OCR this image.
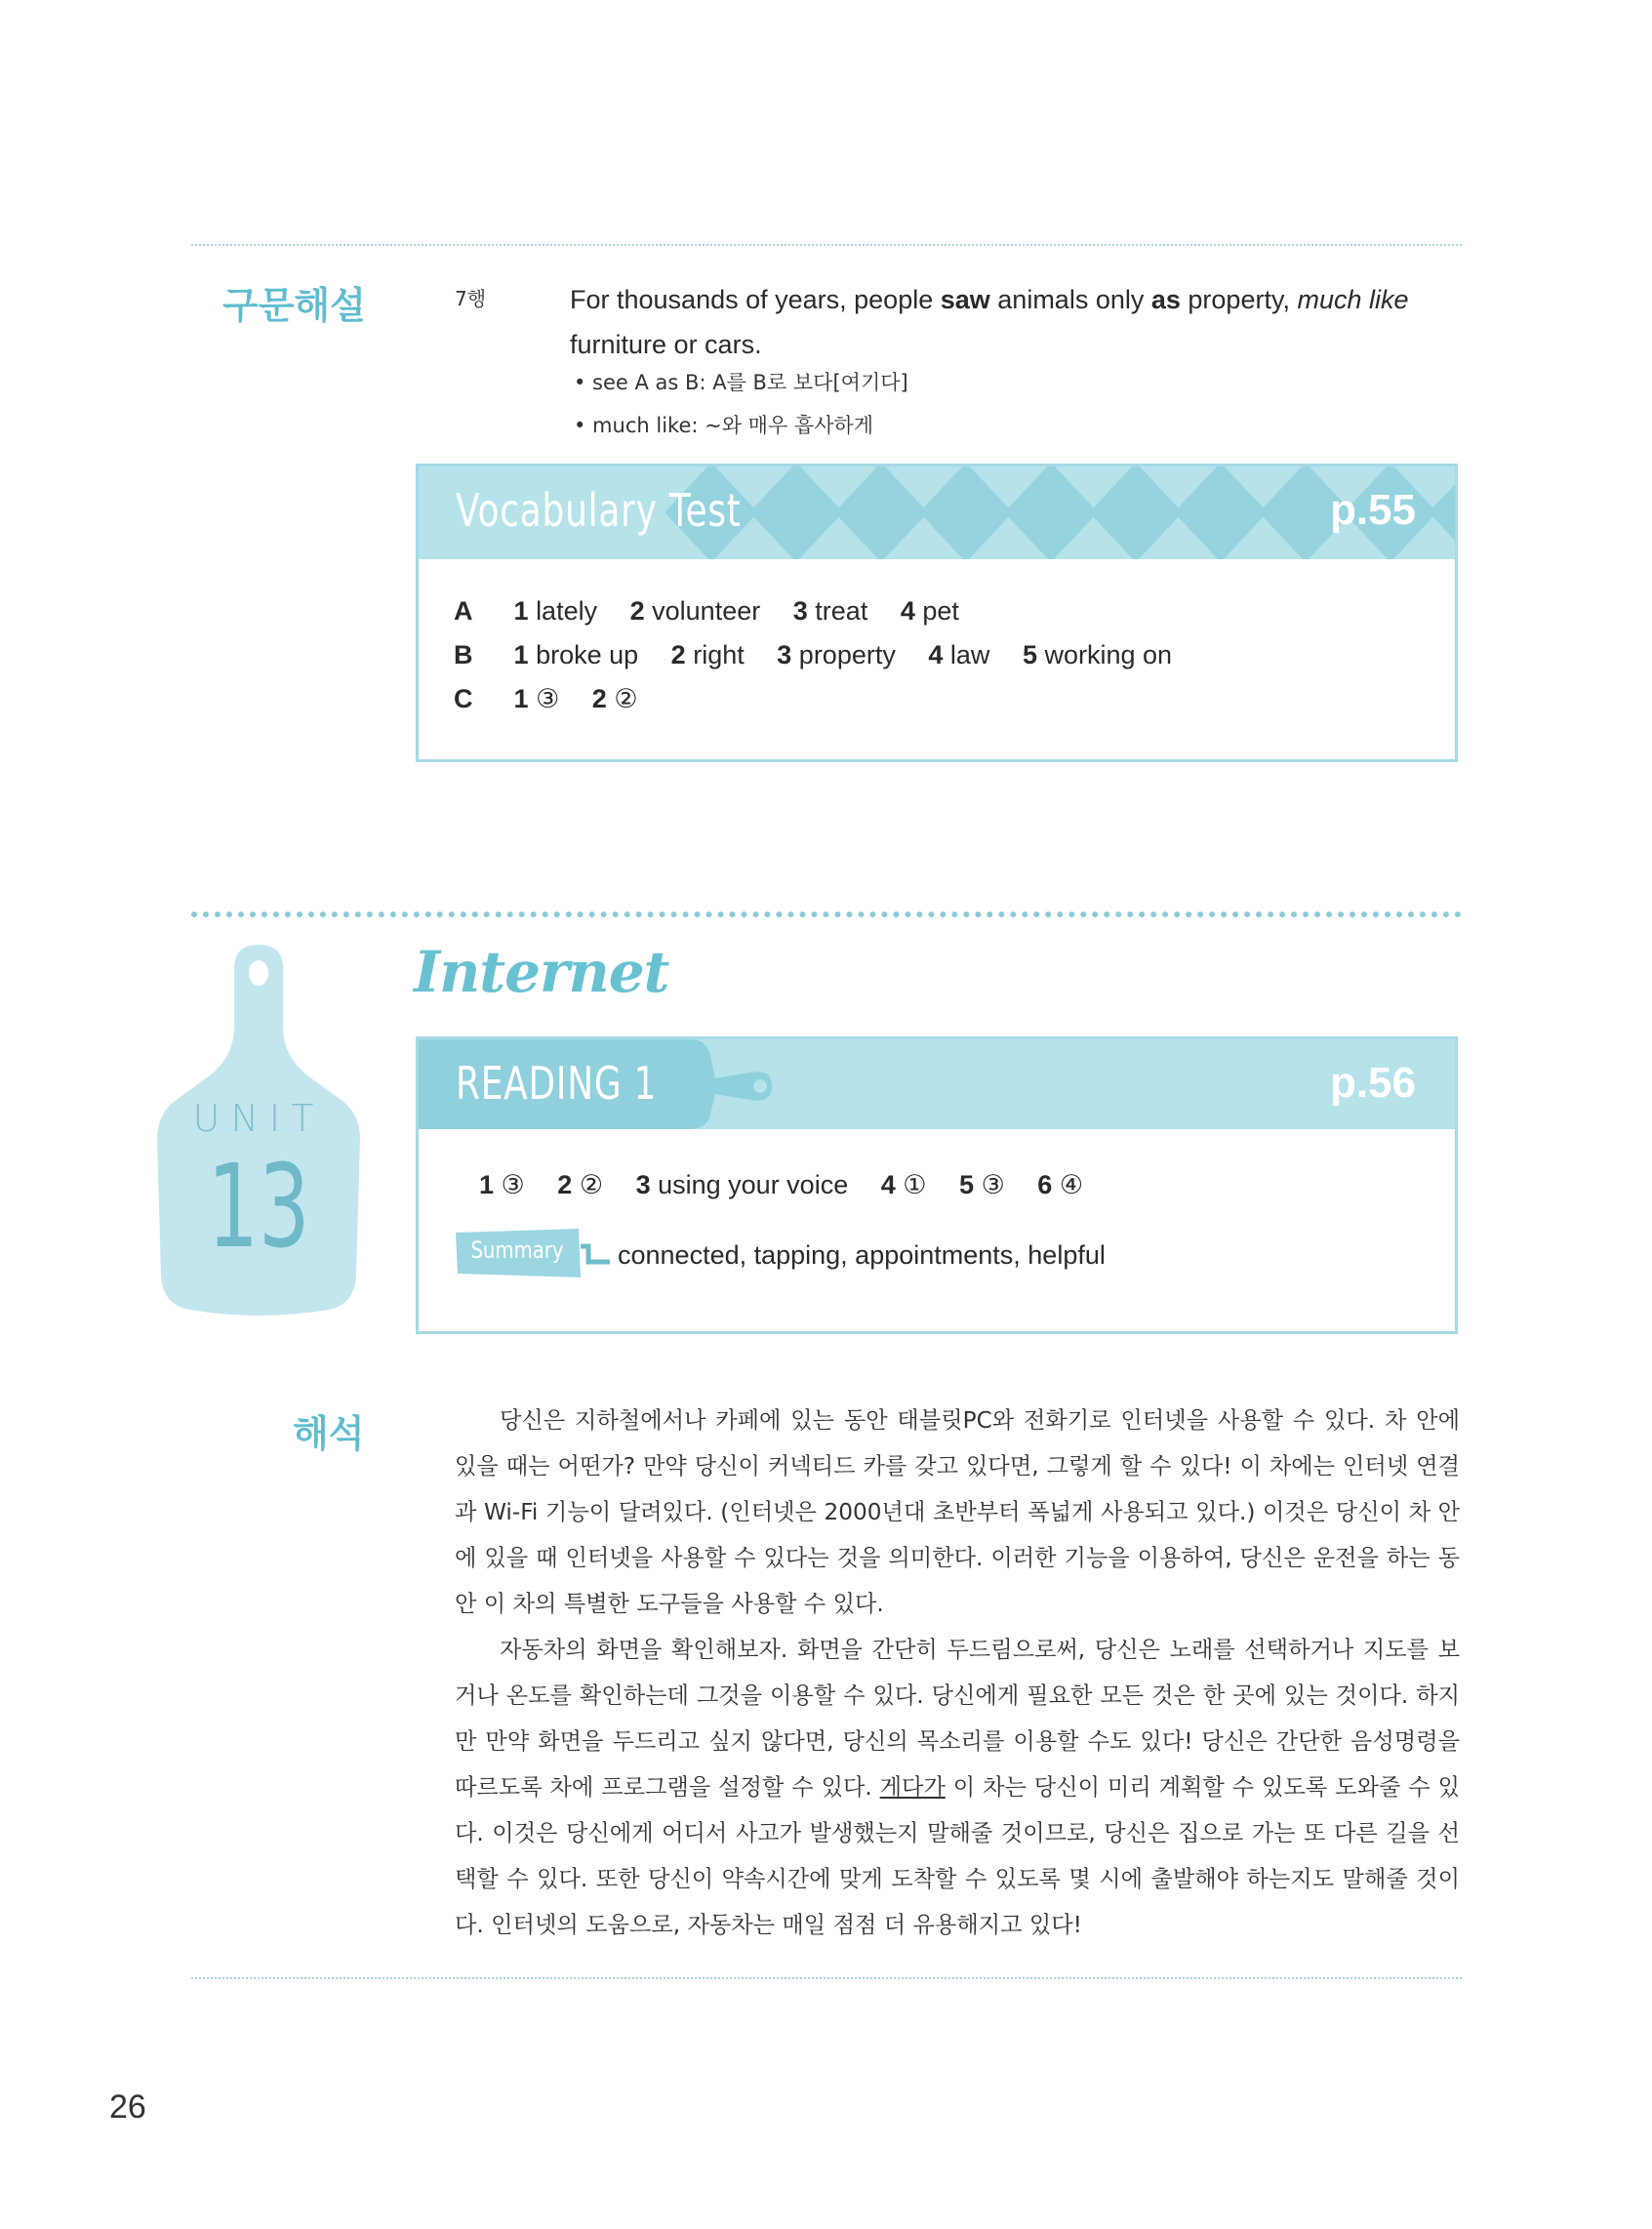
구문해설	7행	For thousands of years, people saw animals only as property, much like furniture or cars.
• see A as B: A를 B로 보다[여기다]
• much like: ~와 매우 흡사하게
Vocabulary Test	p.55
A 1 lately 2 volunteer 3 treat 4 pet
B 1 broke up 2 right 3 property 4 law 5 working on
C 1 ③ 2 ②
UNIT
13
Internet
READING 1	p.56
1 ③ 2 ② 3 using your voice 4 ① 5 ③ 6 ④
Summary connected, tapping, appointments, helpful
해석	당신은 지하철에서나 카페에 있는 동안 태블릿PC와 전화기로 인터넷을 사용할 수 있다. 차 안에 있을 때는 어떤가? 만약 당신이 커넥티드 카를 갖고 있다면, 그렇게 할 수 있다! 이 차에는 인터넷 연결과 Wi-Fi 기능이 달려있다. (인터넷은 2000년대 초반부터 폭넓게 사용되고 있다.) 이것은 당신이 차 안에 있을 때 인터넷을 사용할 수 있다는 것을 의미한다. 이러한 기능을 이용하여, 당신은 운전을 하는 동안 이 차의 특별한 도구들을 사용할 수 있다.
자동차의 화면을 확인해보자. 화면을 간단히 두드림으로써, 당신은 노래를 선택하거나 지도를 보거나 온도를 확인하는데 그것을 이용할 수 있다. 당신에게 필요한 모든 것은 한 곳에 있는 것이다. 하지만 만약 화면을 두드리고 싶지 않다면, 당신의 목소리를 이용할 수도 있다! 당신은 간단한 음성명령을 따르도록 차에 프로그램을 설정할 수 있다. 게다가 이 차는 당신이 미리 계획할 수 있도록 도와줄 수 있다. 이것은 당신에게 어디서 사고가 발생했는지 말해줄 것이므로, 당신은 집으로 가는 또 다른 길을 선택할 수 있다. 또한 당신이 약속시간에 맞게 도착할 수 있도록 몇 시에 출발해야 하는지도 말해줄 것이다. 인터넷의 도움으로, 자동차는 매일 점점 더 유용해지고 있다!
26
